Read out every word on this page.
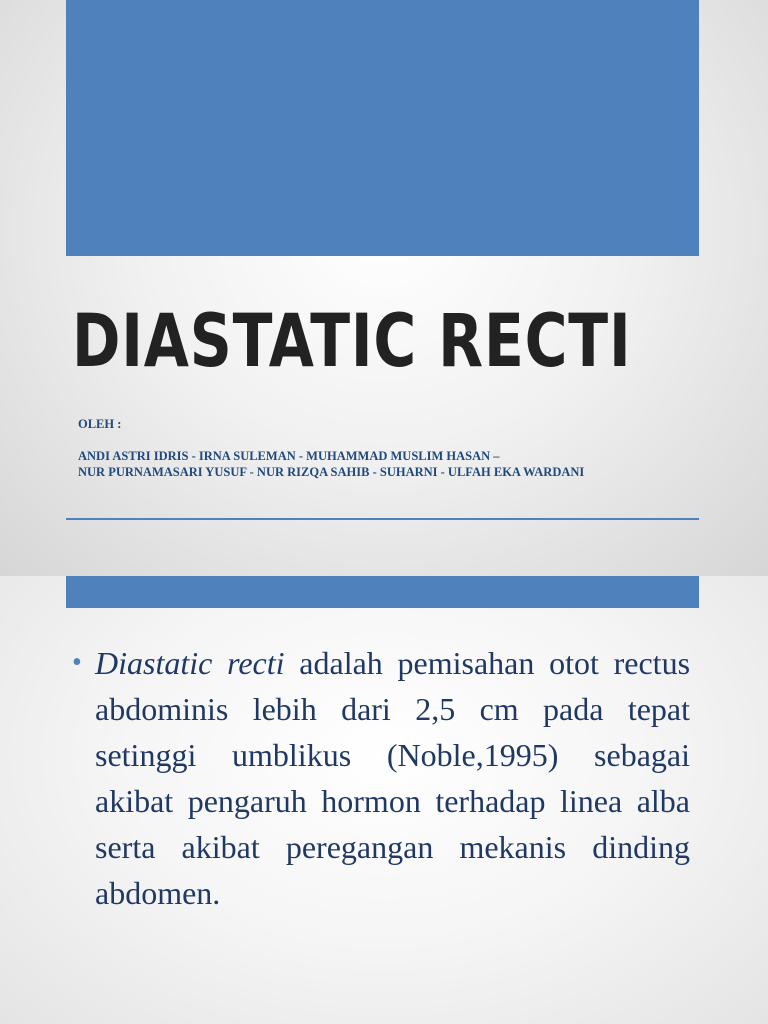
DIASTATIC RECTI
OLEH :
ANDI ASTRI IDRIS - IRNA SULEMAN - MUHAMMAD MUSLIM HASAN –
NUR PURNAMASARI YUSUF - NUR RIZQA SAHIB - SUHARNI - ULFAH EKA WARDANI

• Diastatic recti adalah pemisahan otot rectus abdominis lebih dari 2,5 cm pada tepat setinggi umblikus (Noble,1995) sebagai akibat pengaruh hormon terhadap linea alba serta akibat peregangan mekanis dinding abdomen.
